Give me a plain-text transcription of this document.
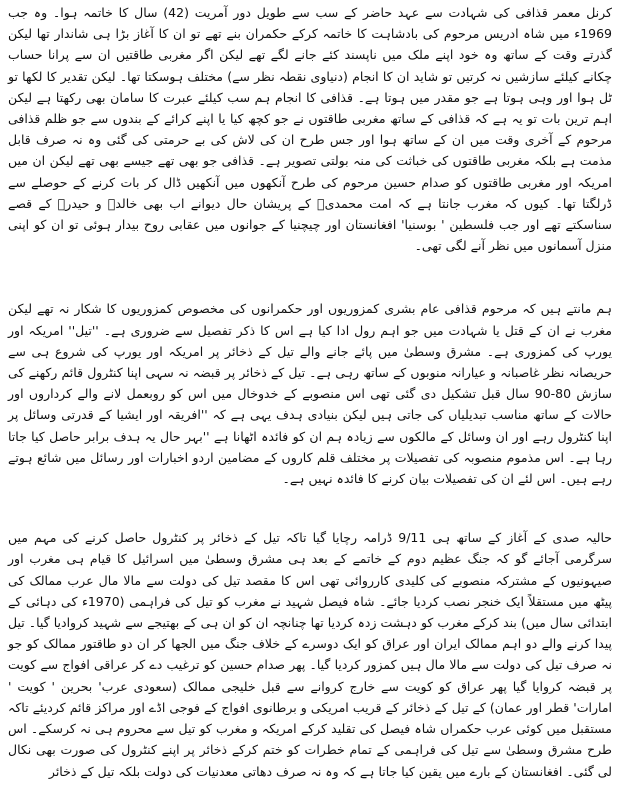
کرنل معمر قذافی کی شہادت سے عہد حاضر کے سب سے طویل دور آمریت (42) سال کا خاتمہ ہوا۔ وہ جب 1969ء میں شاہ ادریس مرحوم کی بادشاہت کا خاتمہ کرکے حکمران بنے تھے تو ان کا آغاز بڑا ہی شاندار تھا لیکن گذرتے وقت کے ساتھ وہ خود اپنے ملک میں ناپسند کئے جانے لگے تھے لیکن اگر مغربی طاقتیں ان سے پرانا حساب چکانے کیلئے سازشیں نہ کرتیں تو شاید ان کا انجام (دنیاوی نقطہ نظر سے) مختلف ہوسکتا تھا۔ لیکن تقدیر کا لکھا تو ٹل ہوا اور وہی ہوتا ہے جو مقدر میں ہوتا ہے۔ قذافی کا انجام ہم سب کیلئے عبرت کا سامان بھی رکھتا ہے لیکن اہم ترین بات تو یہ ہے کہ قذافی کے ساتھ مغربی طاقتوں نے جو کچھ کیا یا اپنے کرائے کے بندوں سے جو ظلم قذافی مرحوم کے آخری وقت میں ان کے ساتھ ہوا اور جس طرح ان کی لاش کی بے حرمتی کی گئی وہ نہ صرف قابل مذمت ہے بلکہ مغربی طاقتوں کی خباثت کی منہ بولتی تصویر ہے۔ قذافی جو بھی تھے جیسے بھی تھے لیکن ان میں امریکہ اور مغربی طاقتوں کو صدام حسین مرحوم کی طرح آنکھوں میں آنکھیں ڈال کر بات کرنے کے حوصلے سے ڈرلگتا تھا۔ کیوں کہ مغرب جانتا ہے کہ امت محمدیؐ کے پریشان حال دیوانے اب بھی خالدؓ و حیدرؓ کے قصے سناسکتے تھے اور جب فلسطین ' بوسنیا' افغانستان اور چیچنیا کے جوانوں میں عقابی روح بیدار ہوئی تو ان کو اپنی منزل آسمانوں میں نظر آنے لگی تھی۔

ہم مانتے ہیں کہ مرحوم قذافی عام بشری کمزوریوں اور حکمرانوں کی مخصوص کمزوریوں کا شکار نہ تھے لیکن مغرب نے ان کے قتل یا شہادت میں جو اہم رول ادا کیا ہے اس کا ذکر تفصیل سے ضروری ہے۔ ''تیل'' امریکہ اور یورپ کی کمزوری ہے۔ مشرق وسطیٰ میں پائے جانے والے تیل کے ذخائر پر امریکہ اور یورپ کی شروع ہی سے حریصانہ نظر غاصبانہ و عیارانہ منوبوں کے ساتھ رہی ہے۔ تیل کے ذخائر پر قبضہ نہ سہی اپنا کنٹرول قائم رکھنے کی سازش 80-90 سال قبل تشکیل دی گئی تھی اس منصوبے کے خدوخال میں اس کو روبعمل لانے والے کرداروں اور حالات کے ساتھ مناسب تبدیلیاں کی جاتی ہیں لیکن بنیادی ہدف یہی ہے کہ ''افریقہ اور ایشیا کے قدرتی وسائل پر اپنا کنٹرول رہے اور ان وسائل کے مالکوں سے زیادہ ہم ان کو فائدہ اٹھانا ہے ''بہر حال یہ ہدف برابر حاصل کیا جاتا رہا ہے۔ اس مذموم منصوبہ کی تفصیلات پر مختلف قلم کاروں کے مضامین اردو اخبارات اور رسائل میں شائع ہوتے رہے ہیں۔ اس لئے ان کی تفصیلات بیان کرنے کا فائدہ نہیں ہے۔

حالیہ صدی کے آغاز کے ساتھ ہی 9/11 ڈرامہ رچایا گیا تاکہ تیل کے ذخائر پر کنٹرول حاصل کرنے کی مہم میں سرگرمی آجائے گو کہ جنگ عظیم دوم کے خاتمے کے بعد ہی مشرق وسطیٰ میں اسرائیل کا قیام ہی مغرب اور صیہونیوں کے مشترکہ منصوبے کی کلیدی کارروائی تھی اس کا مقصد تیل کی دولت سے مالا مال عرب ممالک کی پیٹھ میں مستقلاً ایک خنجر نصب کردیا جائے۔ شاہ فیصل شہید نے مغرب کو تیل کی فراہمی (1970ء کی دہائی کے ابتدائی سال میں) بند کرکے مغرب کو دہشت زدہ کردیا تھا چنانچہ ان کو ان ہی کے بھتیجے سے شہید کروادیا گیا۔ تیل پیدا کرنے والے دو اہم ممالک ایران اور عراق کو ایک دوسرے کے خلاف جنگ میں الجھا کر ان دو طاقتور ممالک کو جو نہ صرف تیل کی دولت سے مالا مال ہیں کمزور کردیا گیا۔ پھر صدام حسین کو ترغیب دے کر عراقی افواج سے کویت پر قبضہ کروایا گیا پھر عراق کو کویت سے خارج کروانے سے قبل خلیجی ممالک (سعودی عرب' بحرین ' کویت ' امارات' قطر اور عمان) کے تیل کے ذخائر کے قریب امریکی و برطانوی افواج کے فوجی اڈے اور مراکز قائم کردیئے تاکہ مستقبل میں کوئی عرب حکمراں شاہ فیصل کی تقلید کرکے امریکہ و مغرب کو تیل سے محروم ہی نہ کرسکے۔ اس طرح مشرق وسطیٰ سے تیل کی فراہمی کے تمام خطرات کو ختم کرکے ذخائر پر اپنے کنٹرول کی صورت بھی نکال لی گئی۔ افغانستان کے بارے میں یقین کیا جاتا ہے کہ وہ نہ صرف دھاتی معدنیات کی دولت بلکہ تیل کے ذخائر
